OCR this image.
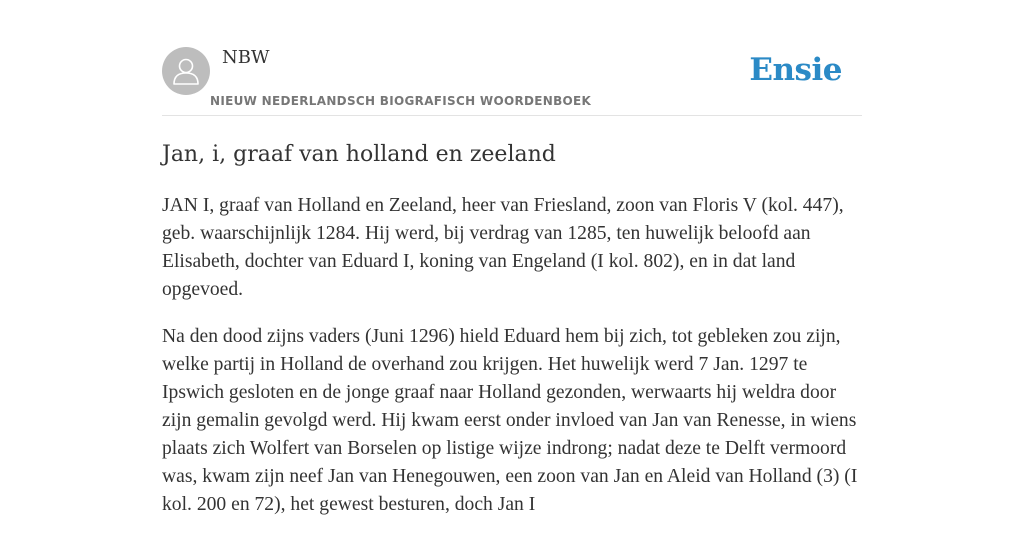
NBW
NIEUW NEDERLANDSCH BIOGRAFISCH WOORDENBOEK
Ensie
Jan, i, graaf van holland en zeeland

JAN I, graaf van Holland en Zeeland, heer van Friesland, zoon van Floris V (kol. 447), geb. waarschijnlijk 1284. Hij werd, bij verdrag van 1285, ten huwelijk beloofd aan Elisabeth, dochter van Eduard I, koning van Engeland (I kol. 802), en in dat land opgevoed.

Na den dood zijns vaders (Juni 1296) hield Eduard hem bij zich, tot gebleken zou zijn, welke partij in Holland de overhand zou krijgen. Het huwelijk werd 7 Jan. 1297 te Ipswich gesloten en de jonge graaf naar Holland gezonden, werwaarts hij weldra door zijn gemalin gevolgd werd. Hij kwam eerst onder invloed van Jan van Renesse, in wiens plaats zich Wolfert van Borselen op listige wijze indrong; nadat deze te Delft vermoord was, kwam zijn neef Jan van Henegouwen, een zoon van Jan en Aleid van Holland (3) (I kol. 200 en 72), het gewest besturen, doch Jan I
